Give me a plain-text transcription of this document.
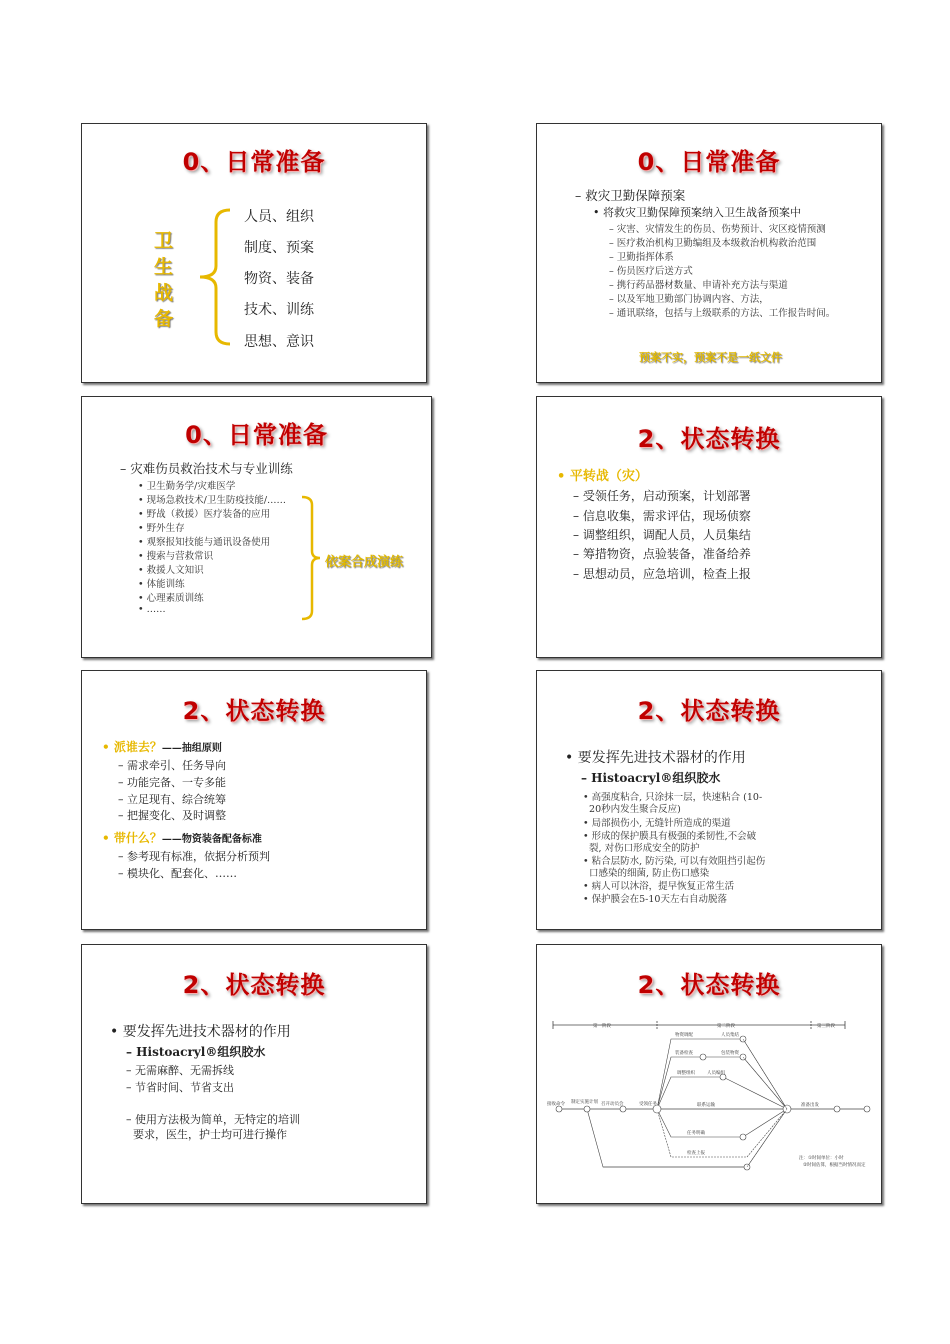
0、日常准备
卫
生
战
备
人员、组织
制度、预案
物资、装备
技术、训练
思想、意识
0、日常准备
– 救灾卫勤保障预案
• 将救灾卫勤保障预案纳入卫生战备预案中
– 灾害、灾情发生的伤员、伤势预计、灾区疫情预测
– 医疗救治机构卫勤编组及本级救治机构救治范围
– 卫勤指挥体系
– 伤员医疗后送方式
– 携行药品器材数量、申请补充方法与渠道
– 以及军地卫勤部门协调内容、方法，
– 通讯联络，包括与上级联系的方法、工作报告时间。
预案不实，预案不是一纸文件
0、日常准备
– 灾难伤员救治技术与专业训练
• 卫生勤务学/灾难医学
• 现场急救技术/卫生防疫技能/……
• 野战（救援）医疗装备的应用
• 野外生存
• 观察报知技能与通讯设备使用
• 搜索与营救常识
• 救援人文知识
• 体能训练
• 心理素质训练
• ……
依案合成演练
2、状态转换
• 平转战（灾）
– 受领任务，启动预案，计划部署
– 信息收集，需求评估，现场侦察
– 调整组织，调配人员，人员集结
– 筹措物资，点验装备，准备给养
– 思想动员，应急培训，检查上报
2、状态转换
• 派谁去？——抽组原则
– 需求牵引、任务导向
– 功能完备、一专多能
– 立足现有、综合统筹
– 把握变化、及时调整
• 带什么？——物资装备配备标准
– 参考现有标准，依据分析预判
– 模块化、配套化、……
2、状态转换
• 要发挥先进技术器材的作用
– Histoacryl®组织胶水
• 高强度粘合, 只涂抹一层，快速粘合 (10-
20秒内发生聚合反应)
• 局部损伤小, 无缝针所造成的渠道
• 形成的保护膜具有极强的柔韧性,不会破
裂, 对伤口形成安全的防护
• 粘合层防水, 防污染, 可以有效阻挡引起伤
口感染的细菌, 防止伤口感染
• 病人可以沐浴，提早恢复正常生活
• 保护膜会在5-10天左右自动脱落
2、状态转换
• 要发挥先进技术器材的作用
– Histoacryl®组织胶水
– 无需麻醉、无需拆线
– 节省时间、节省支出
– 使用方法极为简单，无特定的培训
要求，医生，护士均可进行操作
2、状态转换
第一阶段	第二阶段	第三阶段
接收命令 制定实施计划 召开动员会	受领任务
物资调配	人员集结
装备检查	包装物资
调整组织	人员编组
联系运输
任务明确
检查上报
准备出发
注：①时间单位：小时
②时间估算，根据当时情况而定
